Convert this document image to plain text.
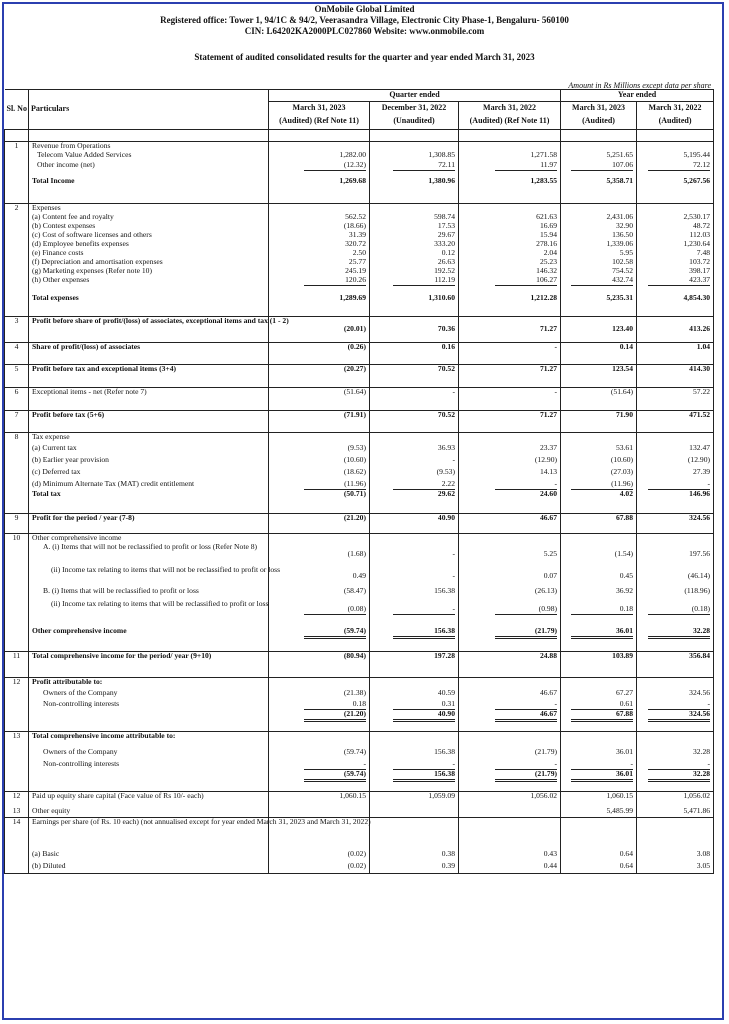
OnMobile Global Limited
Registered office: Tower 1, 94/1C & 94/2, Veerasandra Village, Electronic City Phase-1, Bengaluru- 560100
CIN: L64202KA2000PLC027860 Website: www.onmobile.com
Statement of audited consolidated results for the quarter and year ended March 31, 2023
Amount in Rs Millions except data per share
Sl. No	Particulars	Quarter ended			Year ended	
		March 31, 2023	December 31, 2022	March 31, 2022	March 31, 2023	March 31, 2022
		(Audited) (Ref Note 11)	(Unaudited)	(Audited) (Ref Note 11)	(Audited)	(Audited)

1	Revenue from Operations					
	Telecom Value Added Services	1,282.00	1,308.85	1,271.58	5,251.65	5,195.44
	Other income (net)	(12.32)	72.11	11.97	107.06	72.12

	Total Income	1,269.68	1,380.96	1,283.55	5,358.71	5,267.56

2	Expenses					
	(a) Content fee and royalty	562.52	598.74	621.63	2,431.06	2,530.17
	(b) Contest expenses	(18.66)	17.53	16.69	32.90	48.72
	(c) Cost of software licenses and others	31.39	29.67	15.94	136.50	112.03
	(d) Employee benefits expenses	320.72	333.20	278.16	1,339.06	1,230.64
	(e) Finance costs	2.50	0.12	2.04	5.95	7.48
	(f) Depreciation and amortisation expenses	25.77	26.63	25.23	102.58	103.72
	(g) Marketing expenses (Refer note 10)	245.19	192.52	146.32	754.52	398.17
	(h) Other expenses	120.26	112.19	106.27	432.74	423.37

	Total expenses	1,289.69	1,310.60	1,212.28	5,235.31	4,854.30

3	Profit before share of profit/(loss) of associates, exceptional items and tax (1 - 2)	(20.01)	70.36	71.27	123.40	413.26
4	Share of profit/(loss) of associates	(0.26)	0.16	-	0.14	1.04
5	Profit before tax and exceptional items (3+4)	(20.27)	70.52	71.27	123.54	414.30
6	Exceptional items - net (Refer note 7)	(51.64)	-	-	(51.64)	57.22
7	Profit before tax (5+6)	(71.91)	70.52	71.27	71.90	471.52
8	Tax expense					
	(a) Current tax	(9.53)	36.93	23.37	53.61	132.47
	(b) Earlier year provision	(10.60)	-	(12.90)	(10.60)	(12.90)
	(c) Deferred tax	(18.62)	(9.53)	14.13	(27.03)	27.39
	(d) Minimum Alternate Tax (MAT) credit entitlement	(11.96)	2.22	-	(11.96)	-
	Total tax	(50.71)	29.62	24.60	4.02	146.96

9	Profit for the period / year (7-8)	(21.20)	40.90	46.67	67.88	324.56
10	Other comprehensive income					
	A. (i) Items that will not be reclassified to profit or loss (Refer Note 8)	(1.68)	-	5.25	(1.54)	197.56
	(ii) Income tax relating to items that will not be reclassified to profit or loss	0.49	-	0.07	0.45	(46.14)
	B. (i) Items that will be reclassified to profit or loss	(58.47)	156.38	(26.13)	36.92	(118.96)
	(ii) Income tax relating to items that will be reclassified to profit or loss	(0.08)	-	(0.98)	0.18	(0.18)

	Other comprehensive income	(59.74)	156.38	(21.79)	36.01	32.28

11	Total comprehensive income for the period/ year (9+10)	(80.94)	197.28	24.88	103.89	356.84

12	Profit attributable to:					
	Owners of the Company	(21.38)	40.59	46.67	67.27	324.56
	Non-controlling interests	0.18	0.31	-	0.61	-
		(21.20)	40.90	46.67	67.88	324.56

13	Total comprehensive income attributable to:					
	Owners of the Company	(59.74)	156.38	(21.79)	36.01	32.28
	Non-controlling interests	-	-	-	-	-
		(59.74)	156.38	(21.79)	36.01	32.28

12	Paid up equity share capital (Face value of Rs 10/- each)	1,060.15	1,059.09	1,056.02	1,060.15	1,056.02
13	Other equity				5,485.99	5,471.86
14	Earnings per share (of Rs. 10 each) (not annualised except for year ended March 31, 2023 and March 31, 2022)					
	(a) Basic	(0.02)	0.38	0.43	0.64	3.08
	(b) Diluted	(0.02)	0.39	0.44	0.64	3.05
